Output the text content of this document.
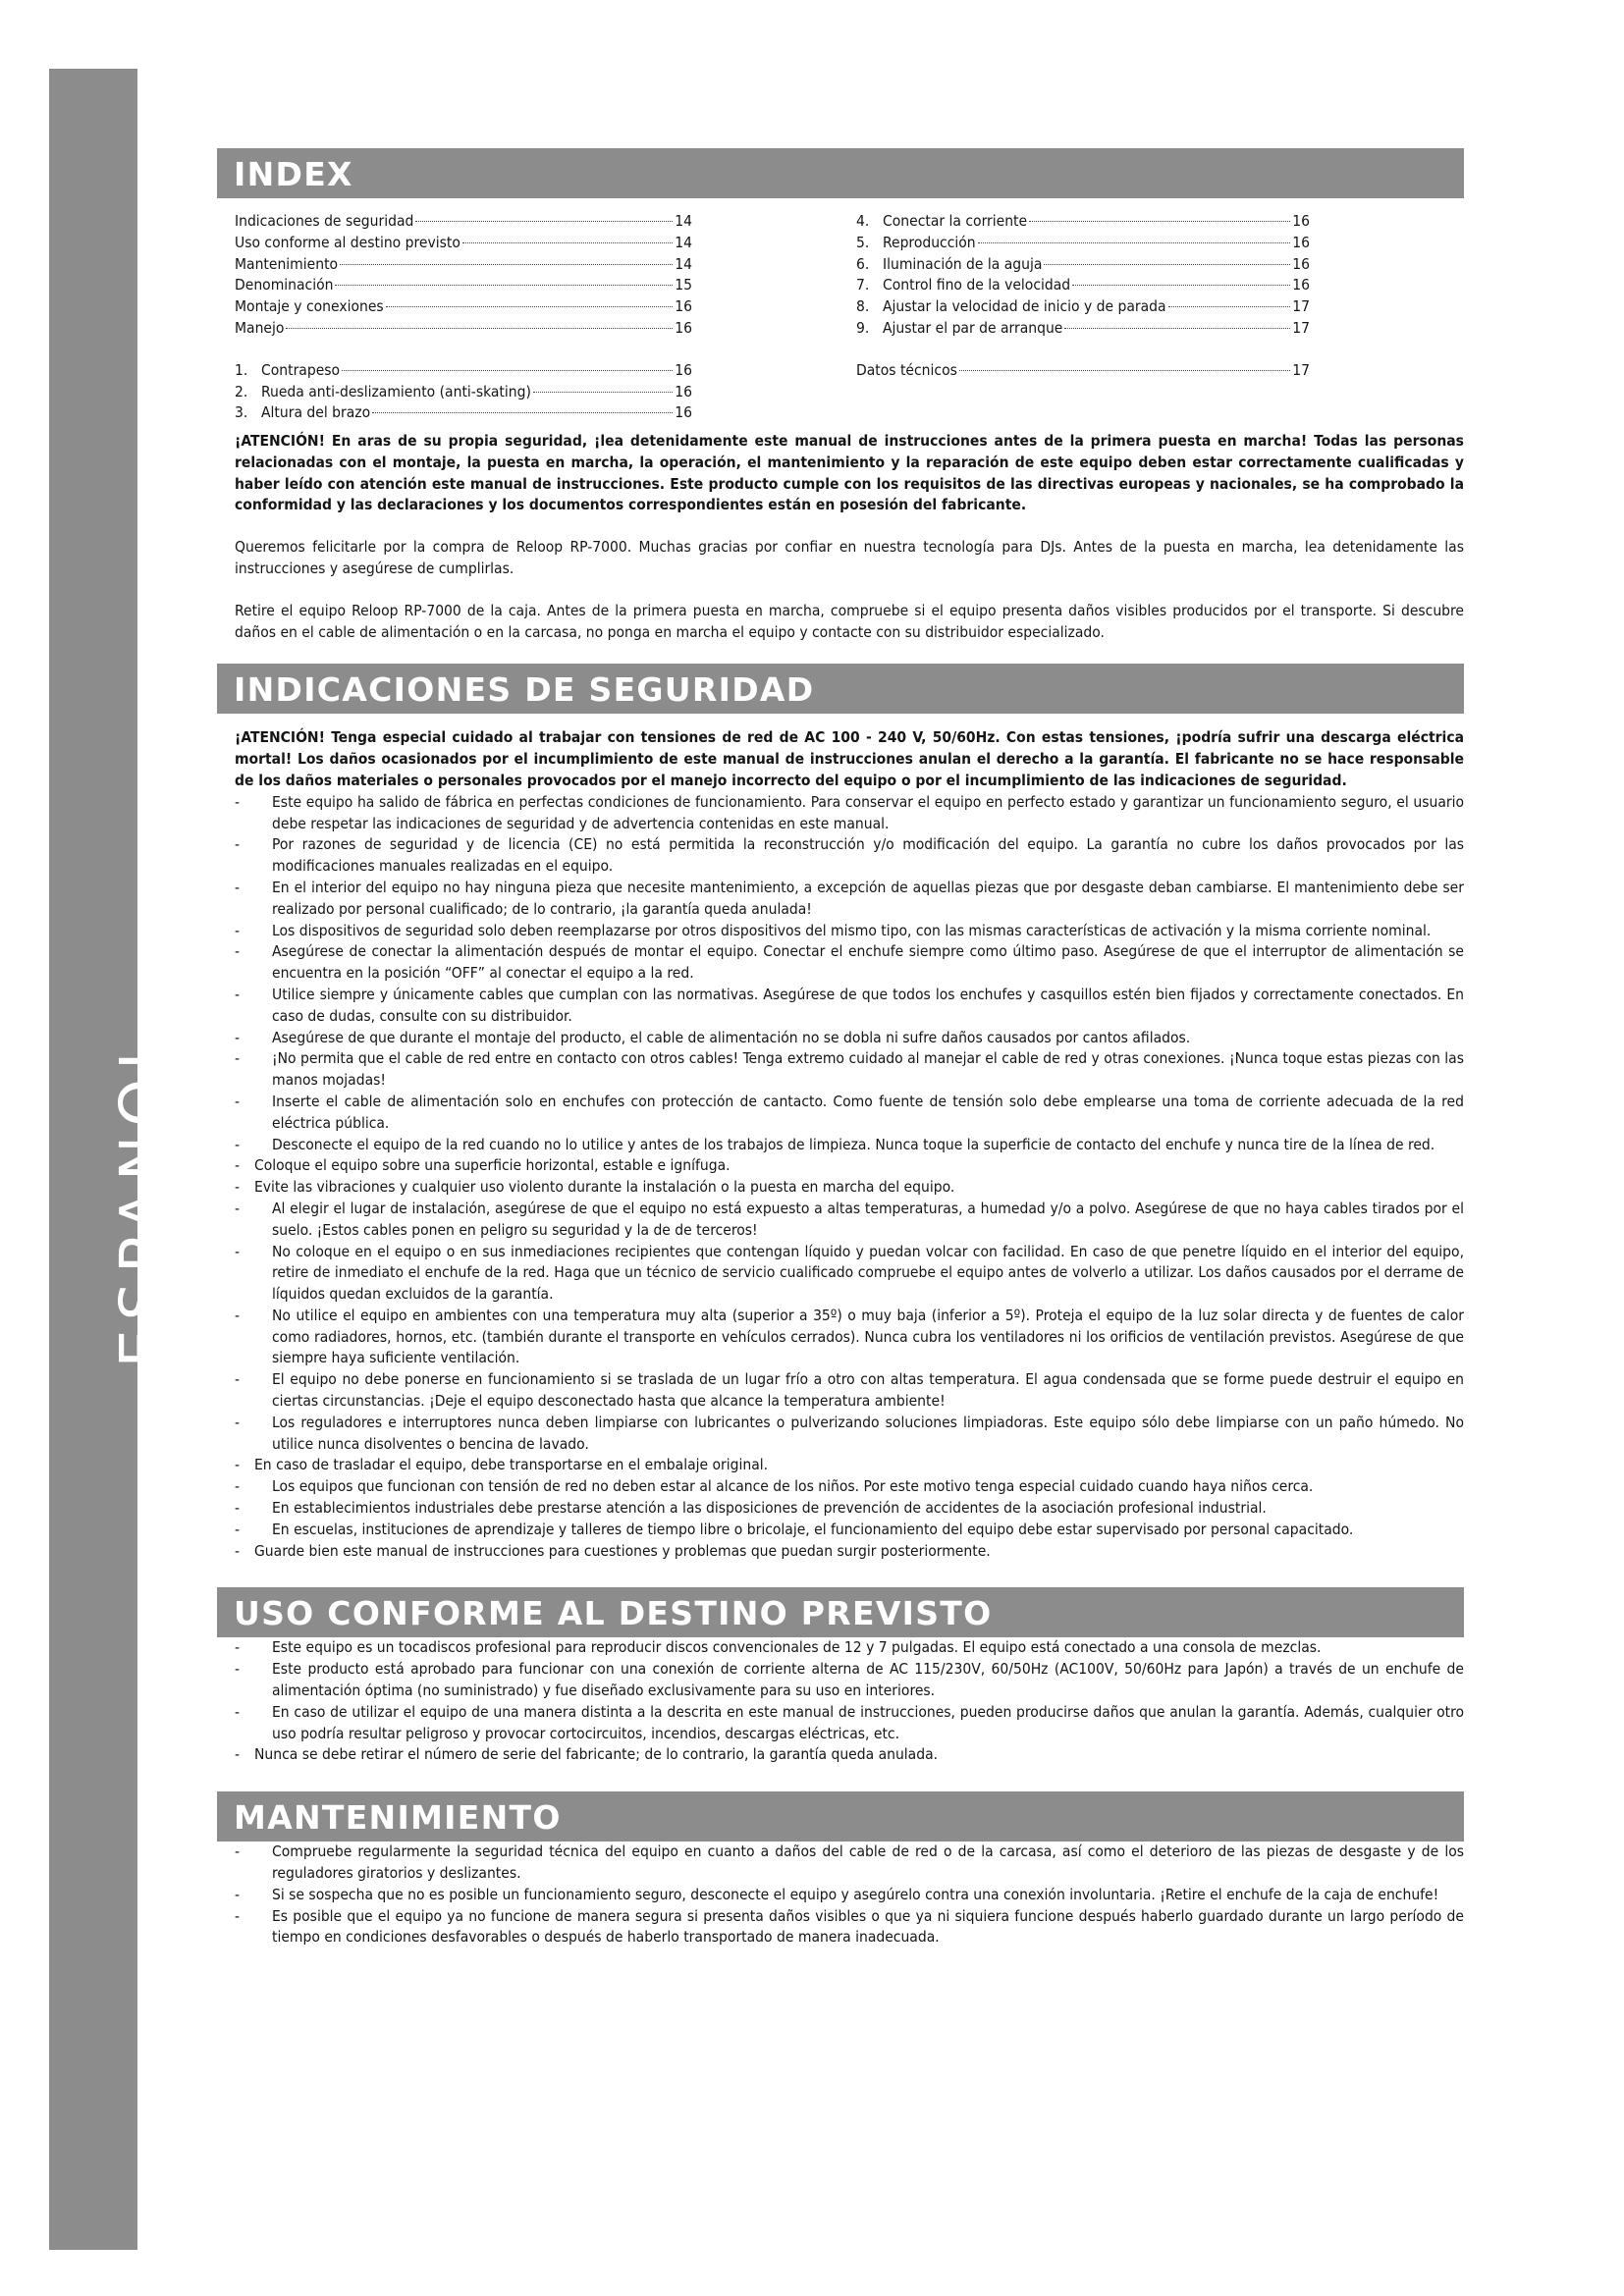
ESPANOL
14
INDEX
Indicaciones de seguridad	14
Uso conforme al destino previsto	14
Mantenimiento	14
Denominación	15
Montaje y conexiones	16
Manejo	16
1. Contrapeso	16
2. Rueda anti-deslizamiento (anti-skating)	16
3. Altura del brazo	16
4. Conectar la corriente	16
5. Reproducción	16
6. Iluminación de la aguja	16
7. Control fino de la velocidad	16
8. Ajustar la velocidad de inicio y de parada	17
9. Ajustar el par de arranque	17
Datos técnicos	17

¡ATENCIÓN! En aras de su propia seguridad, ¡lea detenidamente este manual de instrucciones antes de la primera puesta en marcha! Todas las personas relacionadas con el montaje, la puesta en marcha, la operación, el mantenimiento y la reparación de este equipo deben estar correctamente cualificadas y haber leído con atención este manual de instrucciones. Este producto cumple con los requisitos de las directivas europeas y nacionales, se ha comprobado la conformidad y las declaraciones y los documentos correspondientes están en posesión del fabricante.

Queremos felicitarle por la compra de Reloop RP-7000. Muchas gracias por confiar en nuestra tecnología para DJs. Antes de la puesta en marcha, lea detenidamente las instrucciones y asegúrese de cumplirlas.

Retire el equipo Reloop RP-7000 de la caja. Antes de la primera puesta en marcha, compruebe si el equipo presenta daños visibles producidos por el transporte. Si descubre daños en el cable de alimentación o en la carcasa, no ponga en marcha el equipo y contacte con su distribuidor especializado.

INDICACIONES DE SEGURIDAD

¡ATENCIÓN! Tenga especial cuidado al trabajar con tensiones de red de AC 100 - 240 V, 50/60Hz. Con estas tensiones, ¡podría sufrir una descarga eléctrica mortal! Los daños ocasionados por el incumplimiento de este manual de instrucciones anulan el derecho a la garantía. El fabricante no se hace responsable de los daños materiales o personales provocados por el manejo incorrecto del equipo o por el incumplimiento de las indicaciones de seguridad.

- Este equipo ha salido de fábrica en perfectas condiciones de funcionamiento. Para conservar el equipo en perfecto estado y garantizar un funcionamiento seguro, el usuario debe respetar las indicaciones de seguridad y de advertencia contenidas en este manual.
- Por razones de seguridad y de licencia (CE) no está permitida la reconstrucción y/o modificación del equipo. La garantía no cubre los daños provocados por las modificaciones manuales realizadas en el equipo.
- En el interior del equipo no hay ninguna pieza que necesite mantenimiento, a excepción de aquellas piezas que por desgaste deban cambiarse. El mantenimiento debe ser realizado por personal cualificado; de lo contrario, ¡la garantía queda anulada!
- Los dispositivos de seguridad solo deben reemplazarse por otros dispositivos del mismo tipo, con las mismas características de activación y la misma corriente nominal.
- Asegúrese de conectar la alimentación después de montar el equipo. Conectar el enchufe siempre como último paso. Asegúrese de que el interruptor de alimentación se encuentra en la posición “OFF” al conectar el equipo a la red.
- Utilice siempre y únicamente cables que cumplan con las normativas. Asegúrese de que todos los enchufes y casquillos estén bien fijados y correctamente conectados. En caso de dudas, consulte con su distribuidor.
- Asegúrese de que durante el montaje del producto, el cable de alimentación no se dobla ni sufre daños causados por cantos afilados.
- ¡No permita que el cable de red entre en contacto con otros cables! Tenga extremo cuidado al manejar el cable de red y otras conexiones. ¡Nunca toque estas piezas con las manos mojadas!
- Inserte el cable de alimentación solo en enchufes con protección de cantacto. Como fuente de tensión solo debe emplearse una toma de corriente adecuada de la red eléctrica pública.
- Desconecte el equipo de la red cuando no lo utilice y antes de los trabajos de limpieza. Nunca toque la superficie de contacto del enchufe y nunca tire de la línea de red.
- Coloque el equipo sobre una superficie horizontal, estable e ignífuga.
- Evite las vibraciones y cualquier uso violento durante la instalación o la puesta en marcha del equipo.
- Al elegir el lugar de instalación, asegúrese de que el equipo no está expuesto a altas temperaturas, a humedad y/o a polvo. Asegúrese de que no haya cables tirados por el suelo. ¡Estos cables ponen en peligro su seguridad y la de de terceros!
- No coloque en el equipo o en sus inmediaciones recipientes que contengan líquido y puedan volcar con facilidad. En caso de que penetre líquido en el interior del equipo, retire de inmediato el enchufe de la red. Haga que un técnico de servicio cualificado compruebe el equipo antes de volverlo a utilizar. Los daños causados por el derrame de líquidos quedan excluidos de la garantía.
- No utilice el equipo en ambientes con una temperatura muy alta (superior a 35º) o muy baja (inferior a 5º). Proteja el equipo de la luz solar directa y de fuentes de calor como radiadores, hornos, etc. (también durante el transporte en vehículos cerrados). Nunca cubra los ventiladores ni los orificios de ventilación previstos. Asegúrese de que siempre haya suficiente ventilación.
- El equipo no debe ponerse en funcionamiento si se traslada de un lugar frío a otro con altas temperatura. El agua condensada que se forme puede destruir el equipo en ciertas circunstancias. ¡Deje el equipo desconectado hasta que alcance la temperatura ambiente!
- Los reguladores e interruptores nunca deben limpiarse con lubricantes o pulverizando soluciones limpiadoras. Este equipo sólo debe limpiarse con un paño húmedo. No utilice nunca disolventes o bencina de lavado.
- En caso de trasladar el equipo, debe transportarse en el embalaje original.
- Los equipos que funcionan con tensión de red no deben estar al alcance de los niños. Por este motivo tenga especial cuidado cuando haya niños cerca.
- En establecimientos industriales debe prestarse atención a las disposiciones de prevención de accidentes de la asociación profesional industrial.
- En escuelas, instituciones de aprendizaje y talleres de tiempo libre o bricolaje, el funcionamiento del equipo debe estar supervisado por personal capacitado.
- Guarde bien este manual de instrucciones para cuestiones y problemas que puedan surgir posteriormente.
USO CONFORME AL DESTINO PREVISTO
- Este equipo es un tocadiscos profesional para reproducir discos convencionales de 12 y 7 pulgadas. El equipo está conectado a una consola de mezclas.
- Este producto está aprobado para funcionar con una conexión de corriente alterna de AC 115/230V, 60/50Hz (AC100V, 50/60Hz para Japón) a través de un enchufe de alimentación óptima (no suministrado) y fue diseñado exclusivamente para su uso en interiores.
- En caso de utilizar el equipo de una manera distinta a la descrita en este manual de instrucciones, pueden producirse daños que anulan la garantía. Además, cualquier otro uso podría resultar peligroso y provocar cortocircuitos, incendios, descargas eléctricas, etc.
- Nunca se debe retirar el número de serie del fabricante; de lo contrario, la garantía queda anulada.
MANTENIMIENTO
- Compruebe regularmente la seguridad técnica del equipo en cuanto a daños del cable de red o de la carcasa, así como el deterioro de las piezas de desgaste y de los reguladores giratorios y deslizantes.
- Si se sospecha que no es posible un funcionamiento seguro, desconecte el equipo y asegúrelo contra una conexión involuntaria. ¡Retire el enchufe de la caja de enchufe!
- Es posible que el equipo ya no funcione de manera segura si presenta daños visibles o que ya ni siquiera funcione después haberlo guardado durante un largo período de tiempo en condiciones desfavorables o después de haberlo transportado de manera inadecuada.
